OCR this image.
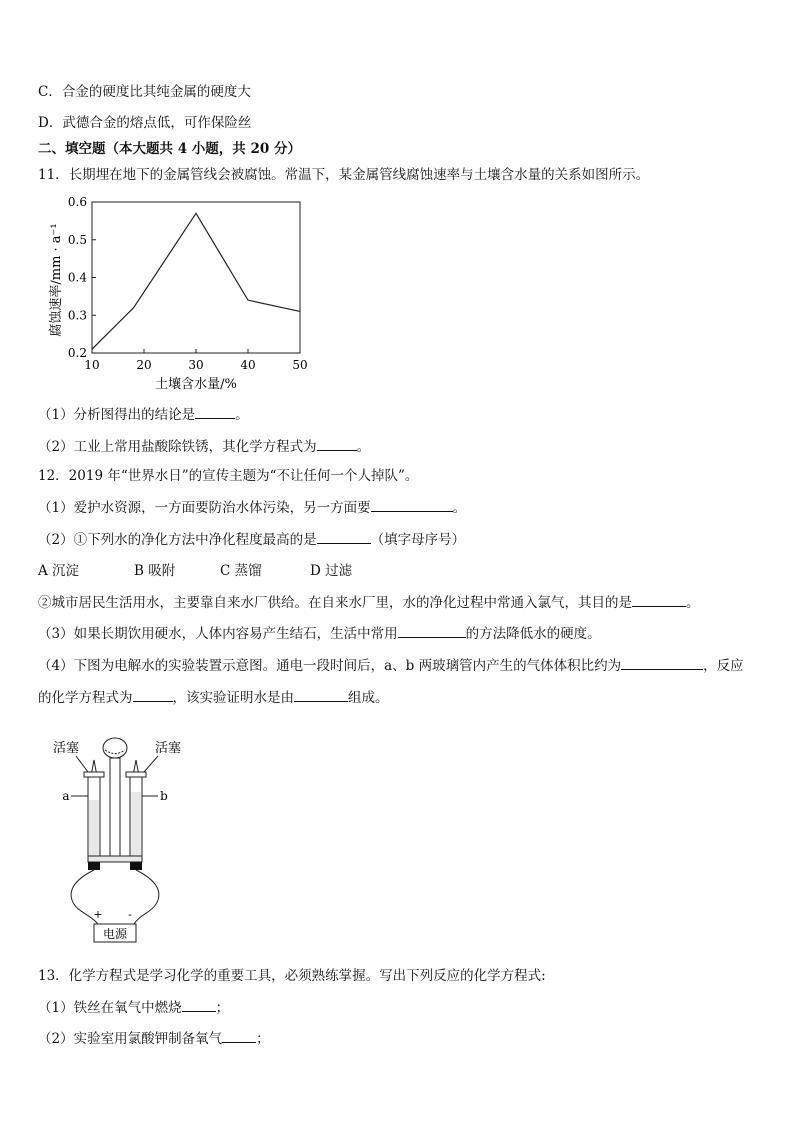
C．合金的硬度比其纯金属的硬度大
D．武德合金的熔点低，可作保险丝
二、填空题（本大题共 4 小题，共 20 分）
11．长期埋在地下的金属管线会被腐蚀。常温下，某金属管线腐蚀速率与土壤含水量的关系如图所示。
0.2
0.3
0.4
0.5
0.6
10	20	30	40	50
腐蚀速率/mm · a⁻¹
土壤含水量/%
（1）分析图得出的结论是	。
（2）工业上常用盐酸除铁锈，其化学方程式为	。
12．2019 年“世界水日”的宣传主题为“不让任何一个人掉队”。
（1）爱护水资源，一方面要防治水体污染，另一方面要	。
（2）①下列水的净化方法中净化程度最高的是	（填字母序号）
A 沉淀	B 吸附	C 蒸馏	D 过滤
②城市居民生活用水，主要靠自来水厂供给。在自来水厂里，水的净化过程中常通入氯气，其目的是	。
（3）如果长期饮用硬水，人体内容易产生结石，生活中常用	的方法降低水的硬度。
（4）下图为电解水的实验装置示意图。通电一段时间后，a、b 两玻璃管内产生的气体体积比约为	，反应
的化学方程式为	，该实验证明水是由	组成。
电源
+ -
活塞	活塞
a	b
13．化学方程式是学习化学的重要工具，必须熟练掌握。写出下列反应的化学方程式:
（1）铁丝在氧气中燃烧	；
（2）实验室用氯酸钾制备氧气	；
